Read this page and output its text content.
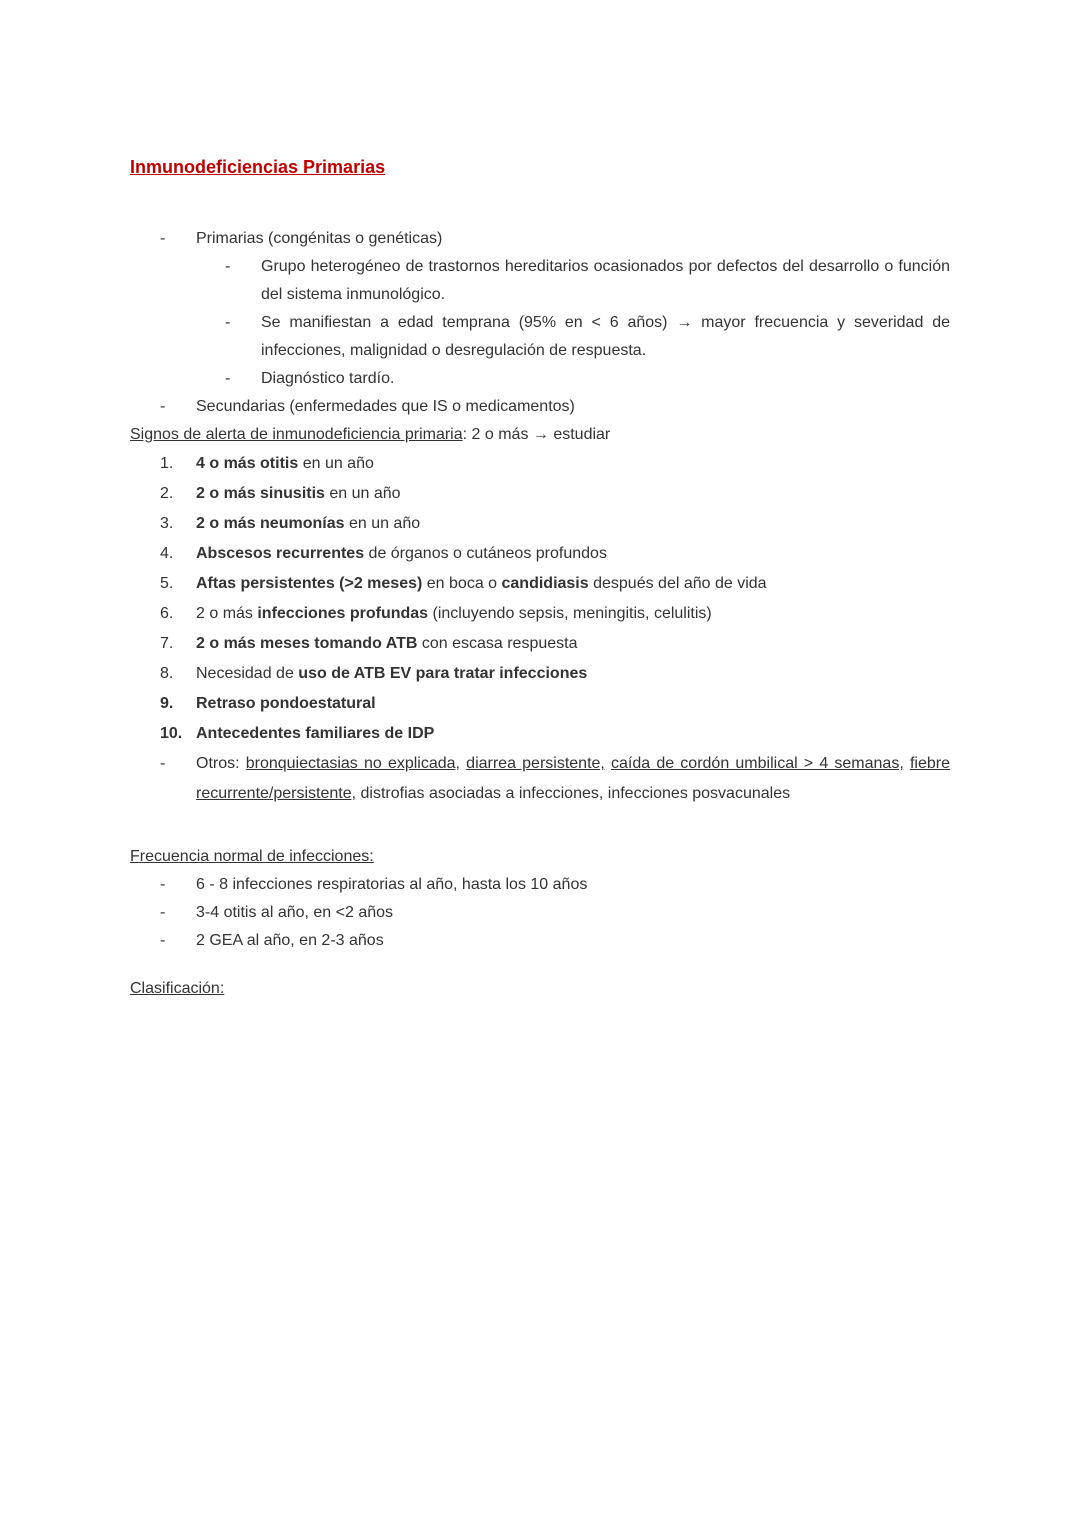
Inmunodeficiencias Primarias
-	Primarias (congénitas o genéticas)
-	Grupo heterogéneo de trastornos hereditarios ocasionados por defectos del desarrollo o función del sistema inmunológico.
-	Se manifiestan a edad temprana (95% en < 6 años) → mayor frecuencia y severidad de infecciones, malignidad o desregulación de respuesta.
-	Diagnóstico tardío.
-	Secundarias (enfermedades que IS o medicamentos)
Signos de alerta de inmunodeficiencia primaria: 2 o más → estudiar
1.	4 o más otitis en un año
2.	2 o más sinusitis en un año
3.	2 o más neumonías en un año
4.	Abscesos recurrentes de órganos o cutáneos profundos
5.	Aftas persistentes (>2 meses) en boca o candidiasis después del año de vida
6.	2 o más infecciones profundas (incluyendo sepsis, meningitis, celulitis)
7.	2 o más meses tomando ATB con escasa respuesta
8.	Necesidad de uso de ATB EV para tratar infecciones
9.	Retraso pondoestatural
10. Antecedentes familiares de IDP
-	Otros: bronquiectasias no explicada, diarrea persistente, caída de cordón umbilical > 4 semanas, fiebre recurrente/persistente, distrofias asociadas a infecciones, infecciones posvacunales
Frecuencia normal de infecciones:
-	6 - 8 infecciones respiratorias al año, hasta los 10 años
-	3-4 otitis al año, en <2 años
-	2 GEA al año, en 2-3 años
Clasificación:
